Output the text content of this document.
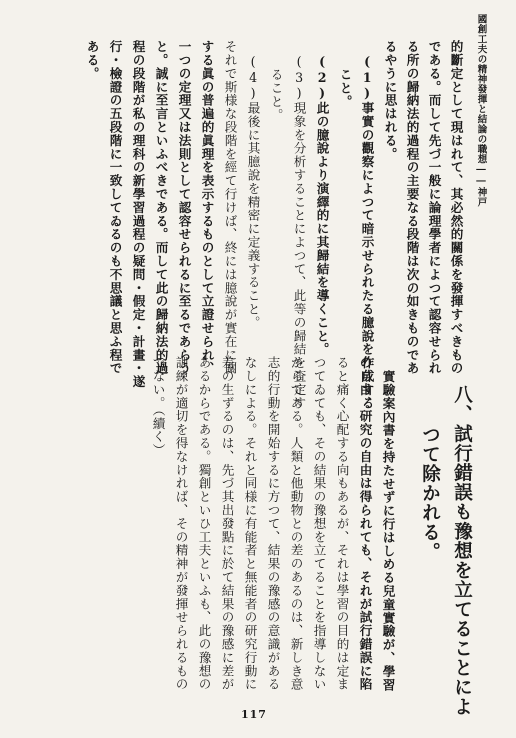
國創工夫の精神發揮と結論の職想――神戸
的斷定として現はれて、其必然的關係を發揮すべきもの
である。而して先づ一般に論理學者によつて認容せられ
る所の歸納法的過程の主要なる段階は次の如きものであ
るやうに思はれる。
(1)事實の觀察によつて暗示せられたる臆說を作成する
こと。
(2)此の臆說より演繹的に其歸結を導くこと。
(3)現象を分析することによつて、此等の歸結を査定す
ること。
(4)最後に其臆說を精密に定義すること。
それで斯様な段階を經て行けば、終には臆說が實在に關
する眞の普遍的眞理を表示するものとして立證せられ、
一つの定理又は法則として認容せられるに至るであらう
と。誠に至言といふべきである。而して此の歸納法的過
程の段階が私の理科の新學習過程の疑問・假定・計畫・遂
行・檢證の五段階に一致してゐるのも不思議と思ふ程で
ある。
八、試行錯誤も豫想を立てることによ
つて除かれる。
實驗案內書を持たせずに行はしめる兒童實驗が、學習
の自由、研究の自由は得られても、それが試行錯誤に陷
ると痛く心配する向もあるが、それは學習の目的は定ま
つてゐても、その結果の豫想を立てることを指導しない
からである。人類と他動物との差のあるのは、新しき意
志的行動を開始するに方つて、結果の豫感の意識がある
なしによる。それと同様に有能者と無能者の研究行動に
差の生ずるのは、先づ其出發點に於て結果の豫感に差が
あるからである。獨創といひ工夫といふも、此の豫想の
訓練が適切を得なければ、その精神が發揮せられるもの
でない。（續く）
117
